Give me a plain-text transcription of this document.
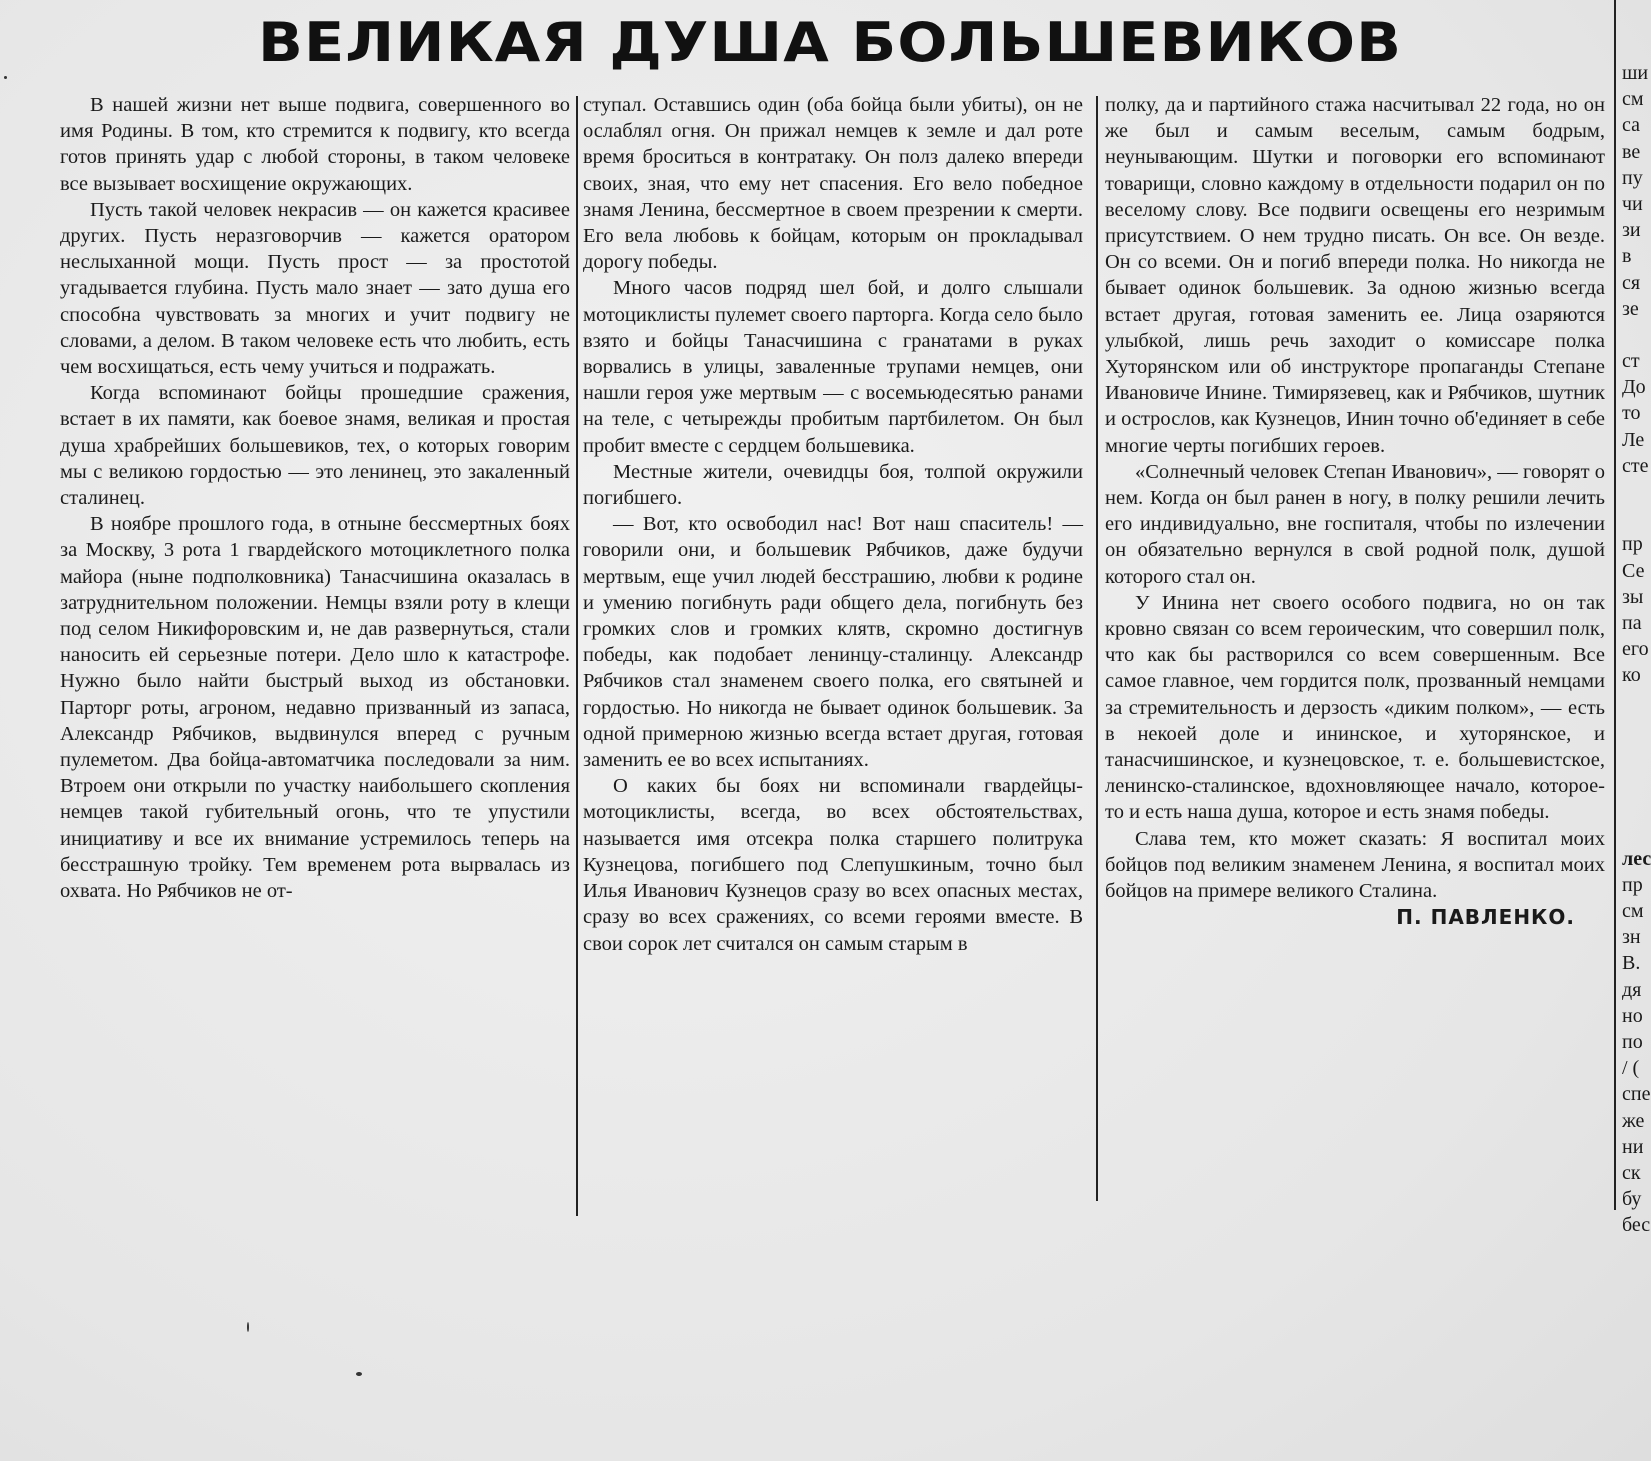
ВЕЛИКАЯ ДУША БОЛЬШЕВИКОВ

В нашей жизни нет выше подвига, совершенного во имя Родины. В том, кто стремится к подвигу, кто всегда готов принять удар с любой стороны, в таком человеке все вызывает восхищение окружающих.

Пусть такой человек некрасив — он кажется красивее других. Пусть неразговорчив — кажется оратором неслыханной мощи. Пусть прост — за простотой угадывается глубина. Пусть мало знает — зато душа его способна чувствовать за многих и учит подвигу не словами, а делом. В таком человеке есть что любить, есть чем восхищаться, есть чему учиться и подражать.

Когда вспоминают бойцы прошедшие сражения, встает в их памяти, как боевое знамя, великая и простая душа храбрейших большевиков, тех, о которых говорим мы с великою гордостью — это ленинец, это закаленный сталинец.

В ноябре прошлого года, в отныне бессмертных боях за Москву, 3 рота 1 гвардейского мотоциклетного полка майора (ныне подполковника) Танасчишина оказалась в затруднительном положении. Немцы взяли роту в клещи под селом Никифоровским и, не дав развернуться, стали наносить ей серьезные потери. Дело шло к катастрофе. Нужно было найти быстрый выход из обстановки. Парторг роты, агроном, недавно призванный из запаса, Александр Рябчиков, выдвинулся вперед с ручным пулеметом. Два бойца-автоматчика последовали за ним. Втроем они открыли по участку наибольшего скопления немцев такой губительный огонь, что те упустили инициативу и все их внимание устремилось теперь на бесстрашную тройку. Тем временем рота вырвалась из охвата. Но Рябчиков не от-

ступал. Оставшись один (оба бойца были убиты), он не ослаблял огня. Он прижал немцев к земле и дал роте время броситься в контратаку. Он полз далеко впереди своих, зная, что ему нет спасения. Его вело победное знамя Ленина, бессмертное в своем презрении к смерти. Его вела любовь к бойцам, которым он прокладывал дорогу победы.

Много часов подряд шел бой, и долго слышали мотоциклисты пулемет своего парторга. Когда село было взято и бойцы Танасчишина с гранатами в руках ворвались в улицы, заваленные трупами немцев, они нашли героя уже мертвым — с восемьюдесятью ранами на теле, с четырежды пробитым партбилетом. Он был пробит вместе с сердцем большевика.

Местные жители, очевидцы боя, толпой окружили погибшего.

— Вот, кто освободил нас! Вот наш спаситель! — говорили они, и большевик Рябчиков, даже будучи мертвым, еще учил людей бесстрашию, любви к родине и умению погибнуть ради общего дела, погибнуть без громких слов и громких клятв, скромно достигнув победы, как подобает ленинцу-сталинцу. Александр Рябчиков стал знаменем своего полка, его святыней и гордостью. Но никогда не бывает одинок большевик. За одной примерною жизнью всегда встает другая, готовая заменить ее во всех испытаниях.

О каких бы боях ни вспоминали гвардейцы-мотоциклисты, всегда, во всех обстоятельствах, называется имя отсекра полка старшего политрука Кузнецова, погибшего под Слепушкиным, точно был Илья Иванович Кузнецов сразу во всех опасных местах, сразу во всех сражениях, со всеми героями вместе. В свои сорок лет считался он самым старым в

полку, да и партийного стажа насчитывал 22 года, но он же был и самым веселым, самым бодрым, неунывающим. Шутки и поговорки его вспоминают товарищи, словно каждому в отдельности подарил он по веселому слову. Все подвиги освещены его незримым присутствием. О нем трудно писать. Он все. Он везде. Он со всеми. Он и погиб впереди полка. Но никогда не бывает одинок большевик. За одною жизнью всегда встает другая, готовая заменить ее. Лица озаряются улыбкой, лишь речь заходит о комиссаре полка Хуторянском или об инструкторе пропаганды Степане Ивановиче Инине. Тимирязевец, как и Рябчиков, шутник и острослов, как Кузнецов, Инин точно об'единяет в себе многие черты погибших героев.

«Солнечный человек Степан Иванович», — говорят о нем. Когда он был ранен в ногу, в полку решили лечить его индивидуально, вне госпиталя, чтобы по излечении он обязательно вернулся в свой родной полк, душой которого стал он.

У Инина нет своего особого подвига, но он так кровно связан со всем героическим, что совершил полк, что как бы растворился со всем совершенным. Все самое главное, чем гордится полк, прозванный немцами за стремительность и дерзость «диким полком», — есть в некоей доле и ининское, и хуторянское, и танасчишинское, и кузнецовское, т. е. большевистское, ленинско-сталинское, вдохновляющее начало, которое-то и есть наша душа, которое и есть знамя победы.

Слава тем, кто может сказать: Я воспитал моих бойцов под великим знаменем Ленина, я воспитал моих бойцов на примере великого Сталина.

П. ПАВЛЕНКО.

ши
см
са
ве
пу
чи
зи
в
ся
зе
ст
До
то
Ле
сте
пр
Се
зы
па
его
ко
лес
пр
см
зн
В.
дя
но
по
/ (
спе
же
ни
ск
бу
бес
